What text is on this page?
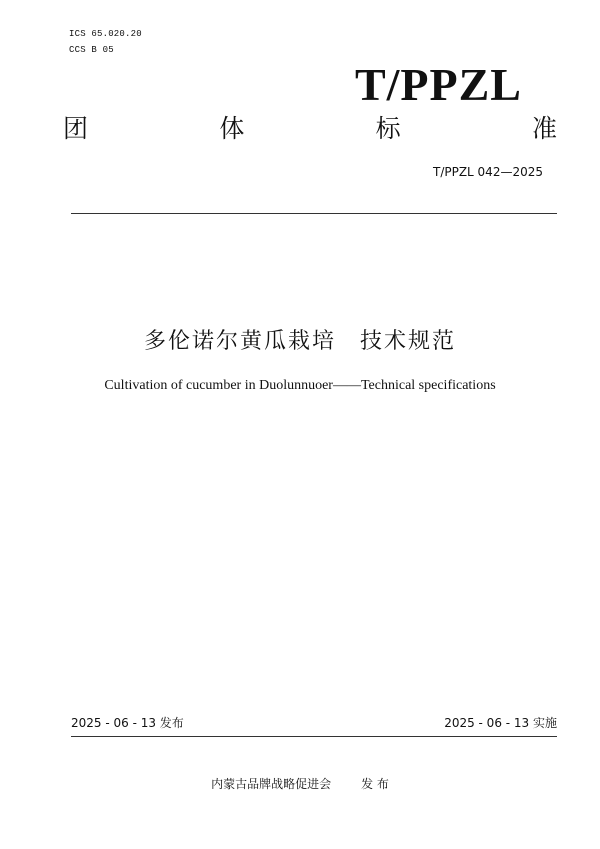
ICS 65.020.20
CCS B 05
T/PPZL
团	体	标	准
T/PPZL 042—2025
多伦诺尔黄瓜栽培 技术规范
Cultivation of cucumber in Duolunnuoer——Technical specifications
2025 - 06 - 13 发布	2025 - 06 - 13 实施
内蒙古品牌战略促进会	发 布
